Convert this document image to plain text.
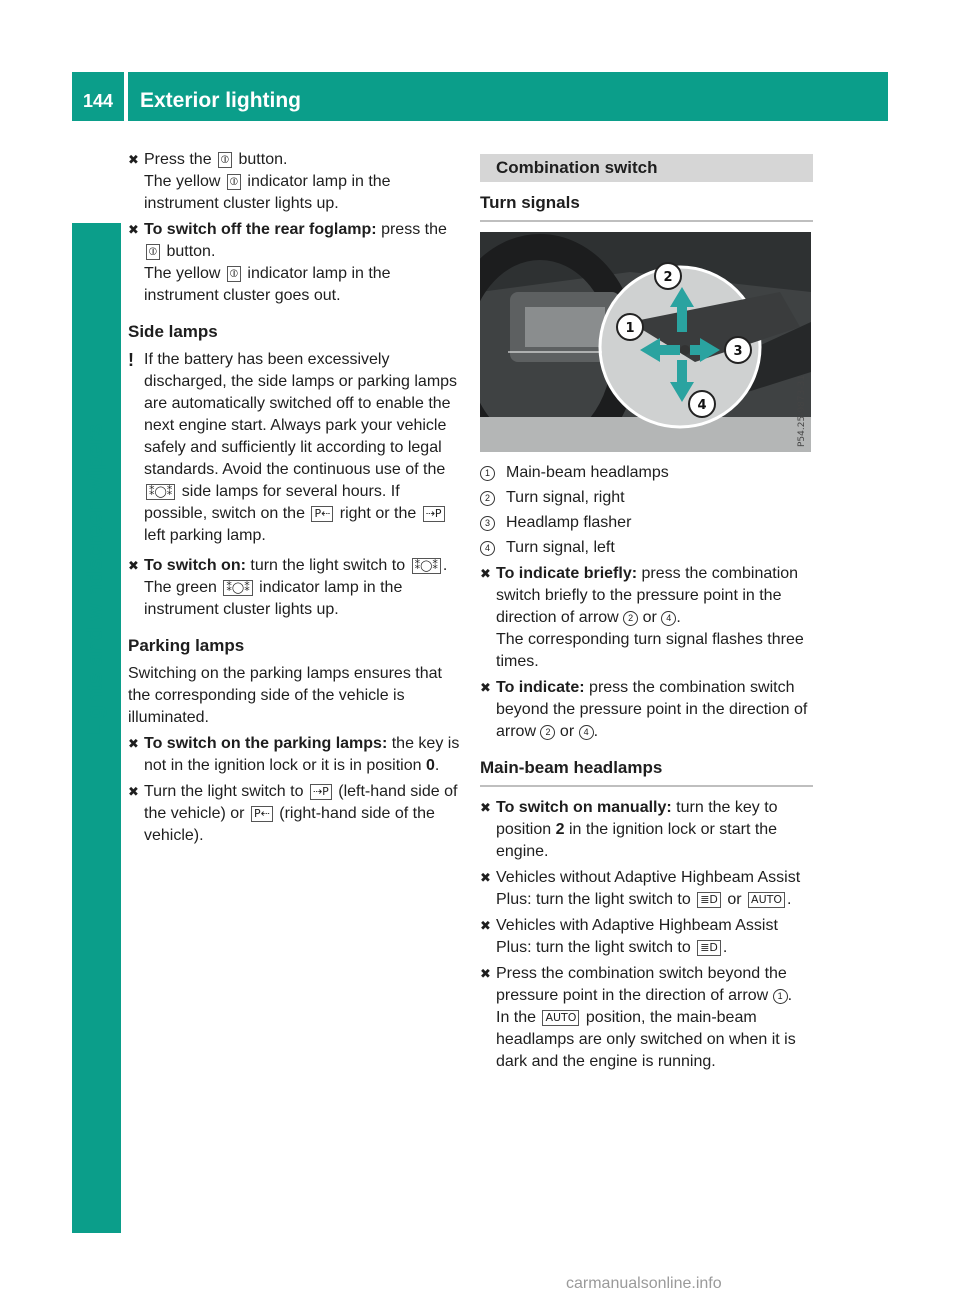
144 Exterior lighting
Lights and windscreen wipers
✖ Press the ⦶ button.
The yellow ⦶ indicator lamp in the instrument cluster lights up.
✖ To switch off the rear foglamp: press the
⦶ button.
The yellow ⦶ indicator lamp in the instrument cluster goes out.
Side lamps
! If the battery has been excessively discharged, the side lamps or parking lamps are automatically switched off to enable the next engine start. Always park your vehicle safely and sufficiently lit according to legal standards. Avoid the continuous use of the ⁑◯⁑ side lamps for several hours. If possible, switch on the P⇠ right or the ⇢P left parking lamp.
✖ To switch on: turn the light switch to ⁑◯⁑ .
The green ⁑◯⁑ indicator lamp in the instrument cluster lights up.
Parking lamps

Switching on the parking lamps ensures that the corresponding side of the vehicle is illuminated.

✖ To switch on the parking lamps: the key is not in the ignition lock or it is in position 0.
✖ Turn the light switch to ⇢P (left-hand side of the vehicle) or P⇠ (right-hand side of the vehicle).
Combination switch
Turn signals
1
2
3
4	P54.25-9873-31
1	Main-beam headlamps
2	Turn signal, right
3	Headlamp flasher
4	Turn signal, left
✖ To indicate briefly: press the combination switch briefly to the pressure point in the direction of arrow 2 or 4 .
The corresponding turn signal flashes three times.
✖ To indicate: press the combination switch beyond the pressure point in the direction of arrow 2 or 4 .
Main-beam headlamps
✖ To switch on manually: turn the key to position 2 in the ignition lock or start the engine.
✖ Vehicles without Adaptive Highbeam Assist Plus: turn the light switch to ≣D or AUTO .
✖ Vehicles with Adaptive Highbeam Assist Plus: turn the light switch to ≣D .
✖ Press the combination switch beyond the pressure point in the direction of arrow 1 .
In the AUTO position, the main-beam headlamps are only switched on when it is dark and the engine is running.
carmanualsonline.info
